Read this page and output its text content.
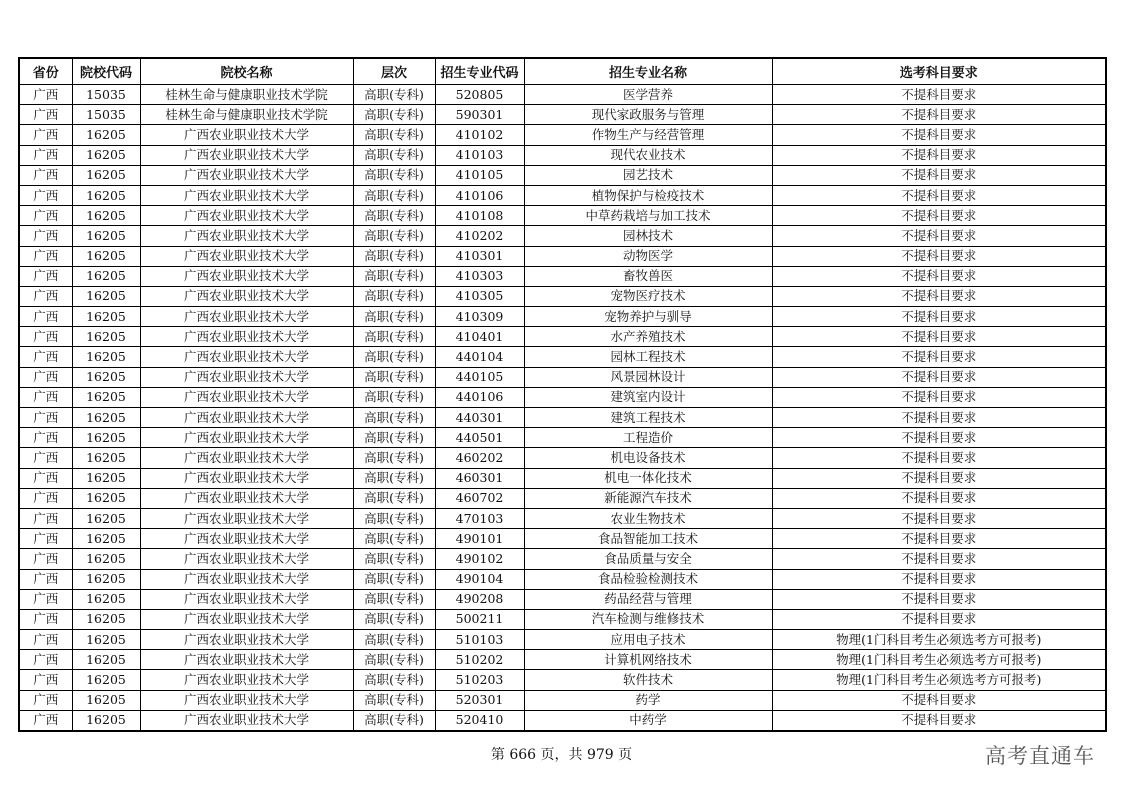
省份	院校代码	院校名称	层次	招生专业代码	招生专业名称	选考科目要求
广西	15035	桂林生命与健康职业技术学院	高职(专科)	520805	医学营养	不提科目要求
广西	15035	桂林生命与健康职业技术学院	高职(专科)	590301	现代家政服务与管理	不提科目要求
广西	16205	广西农业职业技术大学	高职(专科)	410102	作物生产与经营管理	不提科目要求
广西	16205	广西农业职业技术大学	高职(专科)	410103	现代农业技术	不提科目要求
广西	16205	广西农业职业技术大学	高职(专科)	410105	园艺技术	不提科目要求
广西	16205	广西农业职业技术大学	高职(专科)	410106	植物保护与检疫技术	不提科目要求
广西	16205	广西农业职业技术大学	高职(专科)	410108	中草药栽培与加工技术	不提科目要求
广西	16205	广西农业职业技术大学	高职(专科)	410202	园林技术	不提科目要求
广西	16205	广西农业职业技术大学	高职(专科)	410301	动物医学	不提科目要求
广西	16205	广西农业职业技术大学	高职(专科)	410303	畜牧兽医	不提科目要求
广西	16205	广西农业职业技术大学	高职(专科)	410305	宠物医疗技术	不提科目要求
广西	16205	广西农业职业技术大学	高职(专科)	410309	宠物养护与驯导	不提科目要求
广西	16205	广西农业职业技术大学	高职(专科)	410401	水产养殖技术	不提科目要求
广西	16205	广西农业职业技术大学	高职(专科)	440104	园林工程技术	不提科目要求
广西	16205	广西农业职业技术大学	高职(专科)	440105	风景园林设计	不提科目要求
广西	16205	广西农业职业技术大学	高职(专科)	440106	建筑室内设计	不提科目要求
广西	16205	广西农业职业技术大学	高职(专科)	440301	建筑工程技术	不提科目要求
广西	16205	广西农业职业技术大学	高职(专科)	440501	工程造价	不提科目要求
广西	16205	广西农业职业技术大学	高职(专科)	460202	机电设备技术	不提科目要求
广西	16205	广西农业职业技术大学	高职(专科)	460301	机电一体化技术	不提科目要求
广西	16205	广西农业职业技术大学	高职(专科)	460702	新能源汽车技术	不提科目要求
广西	16205	广西农业职业技术大学	高职(专科)	470103	农业生物技术	不提科目要求
广西	16205	广西农业职业技术大学	高职(专科)	490101	食品智能加工技术	不提科目要求
广西	16205	广西农业职业技术大学	高职(专科)	490102	食品质量与安全	不提科目要求
广西	16205	广西农业职业技术大学	高职(专科)	490104	食品检验检测技术	不提科目要求
广西	16205	广西农业职业技术大学	高职(专科)	490208	药品经营与管理	不提科目要求
广西	16205	广西农业职业技术大学	高职(专科)	500211	汽车检测与维修技术	不提科目要求
广西	16205	广西农业职业技术大学	高职(专科)	510103	应用电子技术	物理(1门科目考生必须选考方可报考)
广西	16205	广西农业职业技术大学	高职(专科)	510202	计算机网络技术	物理(1门科目考生必须选考方可报考)
广西	16205	广西农业职业技术大学	高职(专科)	510203	软件技术	物理(1门科目考生必须选考方可报考)
广西	16205	广西农业职业技术大学	高职(专科)	520301	药学	不提科目要求
广西	16205	广西农业职业技术大学	高职(专科)	520410	中药学	不提科目要求
第 666 页，共 979 页	高考直通车
